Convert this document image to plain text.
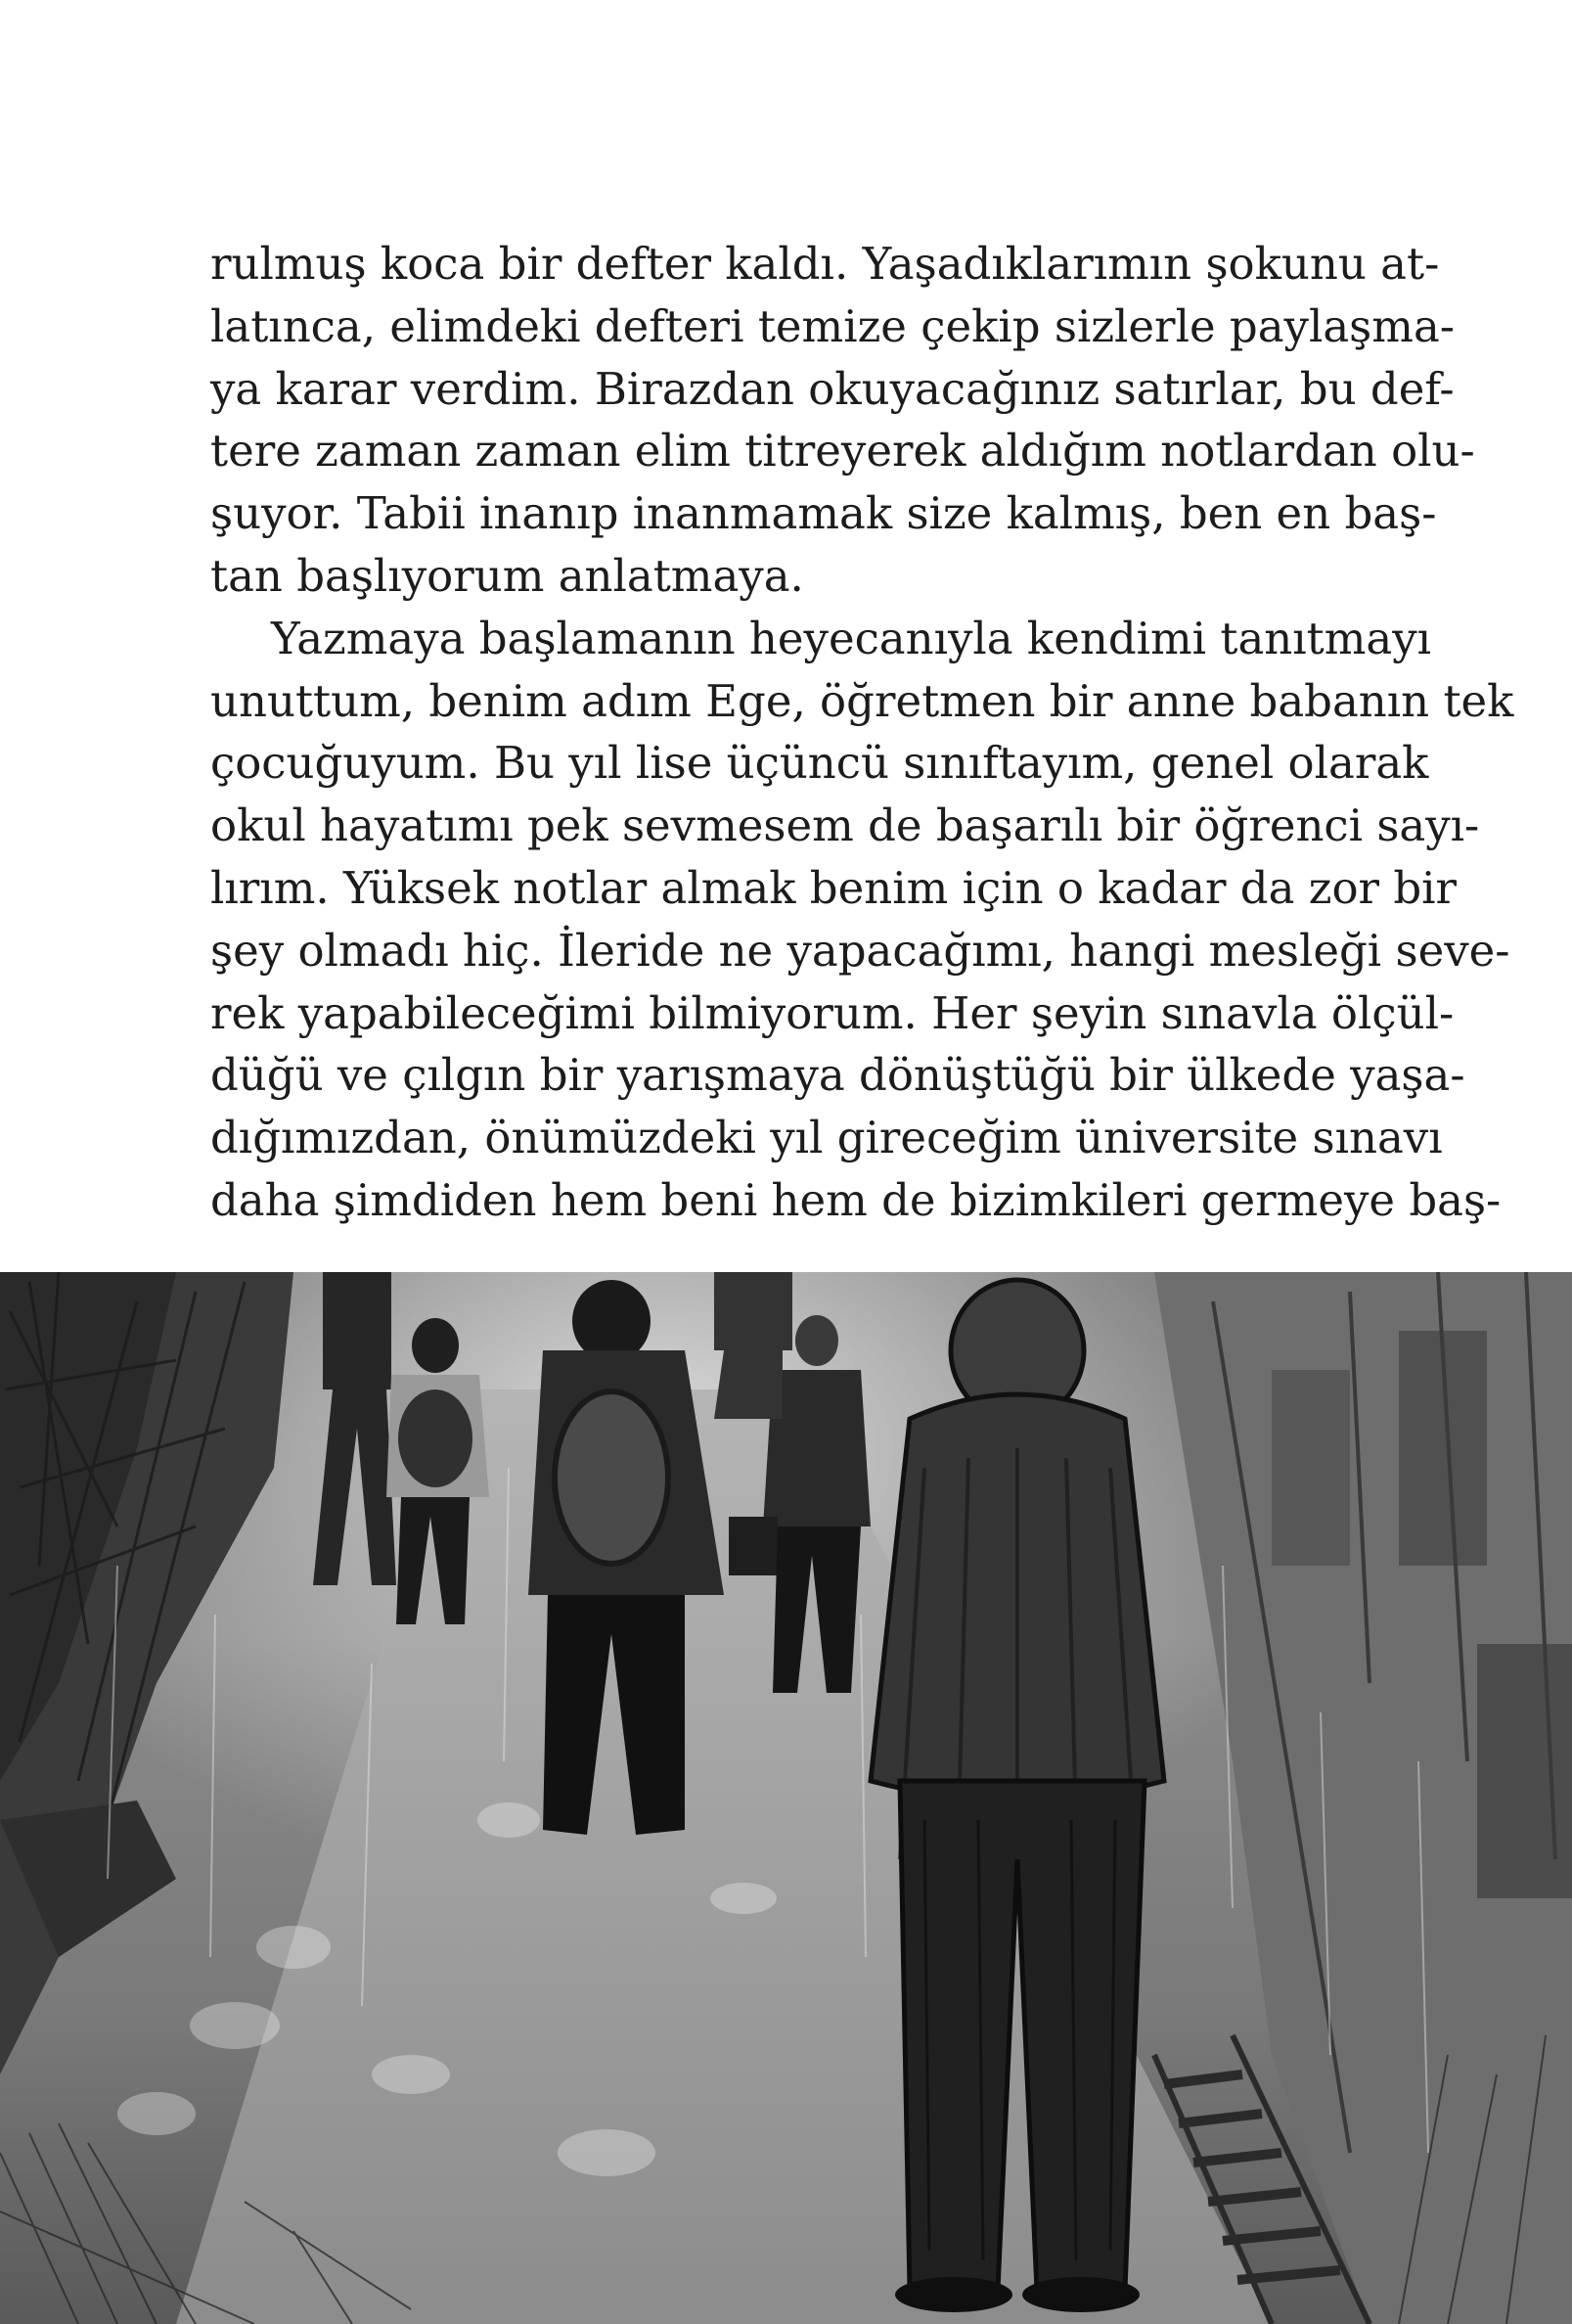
rulmuş koca bir defter kaldı. Yaşadıklarımın şokunu at-
latınca, elimdeki defteri temize çekip sizlerle paylaşma-
ya karar verdim. Birazdan okuyacağınız satırlar, bu def-
tere zaman zaman elim titreyerek aldığım notlardan olu-
şuyor. Tabii inanıp inanmamak size kalmış, ben en baş-
tan başlıyorum anlatmaya.
Yazmaya başlamanın heyecanıyla kendimi tanıtmayı
unuttum, benim adım Ege, öğretmen bir anne babanın tek
çocuğuyum. Bu yıl lise üçüncü sınıftayım, genel olarak
okul hayatımı pek sevmesem de başarılı bir öğrenci sayı-
lırım. Yüksek notlar almak benim için o kadar da zor bir
şey olmadı hiç. İleride ne yapacağımı, hangi mesleği seve-
rek yapabileceğimi bilmiyorum. Her şeyin sınavla ölçül-
düğü ve çılgın bir yarışmaya dönüştüğü bir ülkede yaşa-
dığımızdan, önümüzdeki yıl gireceğim üniversite sınavı
daha şimdiden hem beni hem de bizimkileri germeye baş-
